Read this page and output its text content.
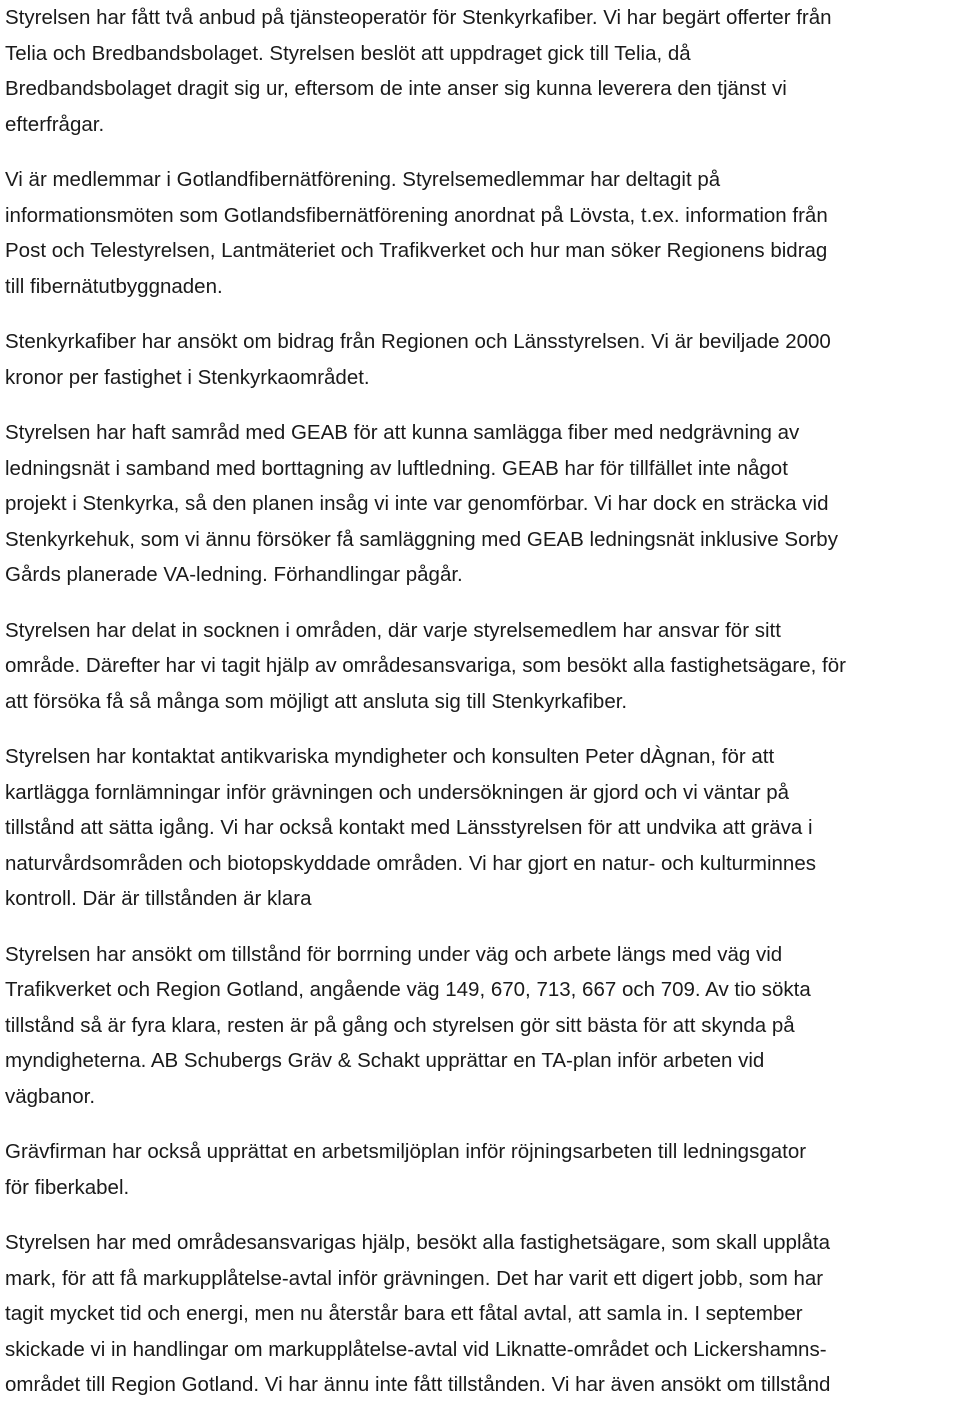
Styrelsen har fått två anbud på tjänsteoperatör för Stenkyrkafiber. Vi har begärt offerter från
Telia och Bredbandsbolaget. Styrelsen beslöt att uppdraget gick till Telia, då
Bredbandsbolaget dragit sig ur, eftersom de inte anser sig kunna leverera den tjänst vi
efterfrågar.

Vi är medlemmar i Gotlandfibernätförening. Styrelsemedlemmar har deltagit på
informationsmöten som Gotlandsfibernätförening anordnat på Lövsta, t.ex. information från
Post och Telestyrelsen, Lantmäteriet och Trafikverket och hur man söker Regionens bidrag
till fibernätutbyggnaden.

Stenkyrkafiber har ansökt om bidrag från Regionen och Länsstyrelsen. Vi är beviljade 2000
kronor per fastighet i Stenkyrkaområdet.

Styrelsen har haft samråd med GEAB för att kunna samlägga fiber med nedgrävning av
ledningsnät i samband med borttagning av luftledning. GEAB har för tillfället inte något
projekt i Stenkyrka, så den planen insåg vi inte var genomförbar. Vi har dock en sträcka vid
Stenkyrkehuk, som vi ännu försöker få samläggning med GEAB ledningsnät inklusive Sorby
Gårds planerade VA-ledning. Förhandlingar pågår.

Styrelsen har delat in socknen i områden, där varje styrelsemedlem har ansvar för sitt
område. Därefter har vi tagit hjälp av områdesansvariga, som besökt alla fastighetsägare, för
att försöka få så många som möjligt att ansluta sig till Stenkyrkafiber.

Styrelsen har kontaktat antikvariska myndigheter och konsulten Peter dÀgnan, för att
kartlägga fornlämningar inför grävningen och undersökningen är gjord och vi väntar på
tillstånd att sätta igång. Vi har också kontakt med Länsstyrelsen för att undvika att gräva i
naturvårdsområden och biotopskyddade områden. Vi har gjort en natur- och kulturminnes
kontroll. Där är tillstånden är klara

Styrelsen har ansökt om tillstånd för borrning under väg och arbete längs med väg vid
Trafikverket och Region Gotland, angående väg 149, 670, 713, 667 och 709. Av tio sökta
tillstånd så är fyra klara, resten är på gång och styrelsen gör sitt bästa för att skynda på
myndigheterna. AB Schubergs Gräv & Schakt upprättar en TA-plan inför arbeten vid
vägbanor.

Grävfirman har också upprättat en arbetsmiljöplan inför röjningsarbeten till ledningsgator
för fiberkabel.

Styrelsen har med områdesansvarigas hjälp, besökt alla fastighetsägare, som skall upplåta
mark, för att få markupplåtelse-avtal inför grävningen. Det har varit ett digert jobb, som har
tagit mycket tid och energi, men nu återstår bara ett fåtal avtal, att samla in. I september
skickade vi in handlingar om markupplåtelse-avtal vid Liknatte-området och Lickershamns-
området till Region Gotland. Vi har ännu inte fått tillstånden. Vi har även ansökt om tillstånd
